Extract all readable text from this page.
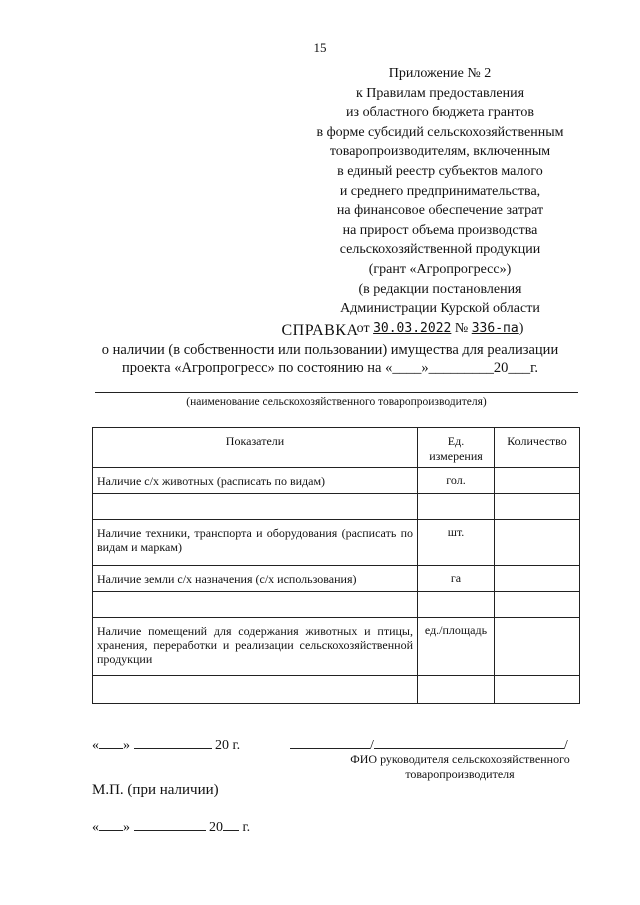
15
Приложение № 2
к Правилам предоставления
из областного бюджета грантов
в форме субсидий сельскохозяйственным
товаропроизводителям, включенным
в единый реестр субъектов малого
и среднего предпринимательства,
на финансовое обеспечение затрат
на прирост объема производства
сельскохозяйственной продукции
(грант «Агропрогресс»)
(в редакции постановления
Администрации Курской области
от 30.03.2022 № 336-па)
СПРАВКА
о наличии (в собственности или пользовании) имущества для реализации
проекта «Агропрогресс» по состоянию на «____»_________20___г.
(наименование сельскохозяйственного товаропроизводителя)
Показатели	Ед. измерения	Количество
Наличие с/х животных (расписать по видам)	гол.	

Наличие техники, транспорта и оборудования (расписать по видам и маркам)	шт.	
Наличие земли с/х назначения (с/х использования)	га	

Наличие помещений для содержания животных и птицы, хранения, переработки и реализации сельскохозяйственной продукции	ед./площадь	

« »	20 г.	/	/
ФИО руководителя сельскохозяйственного
товаропроизводителя
М.П. (при наличии)
« »	20 г.
